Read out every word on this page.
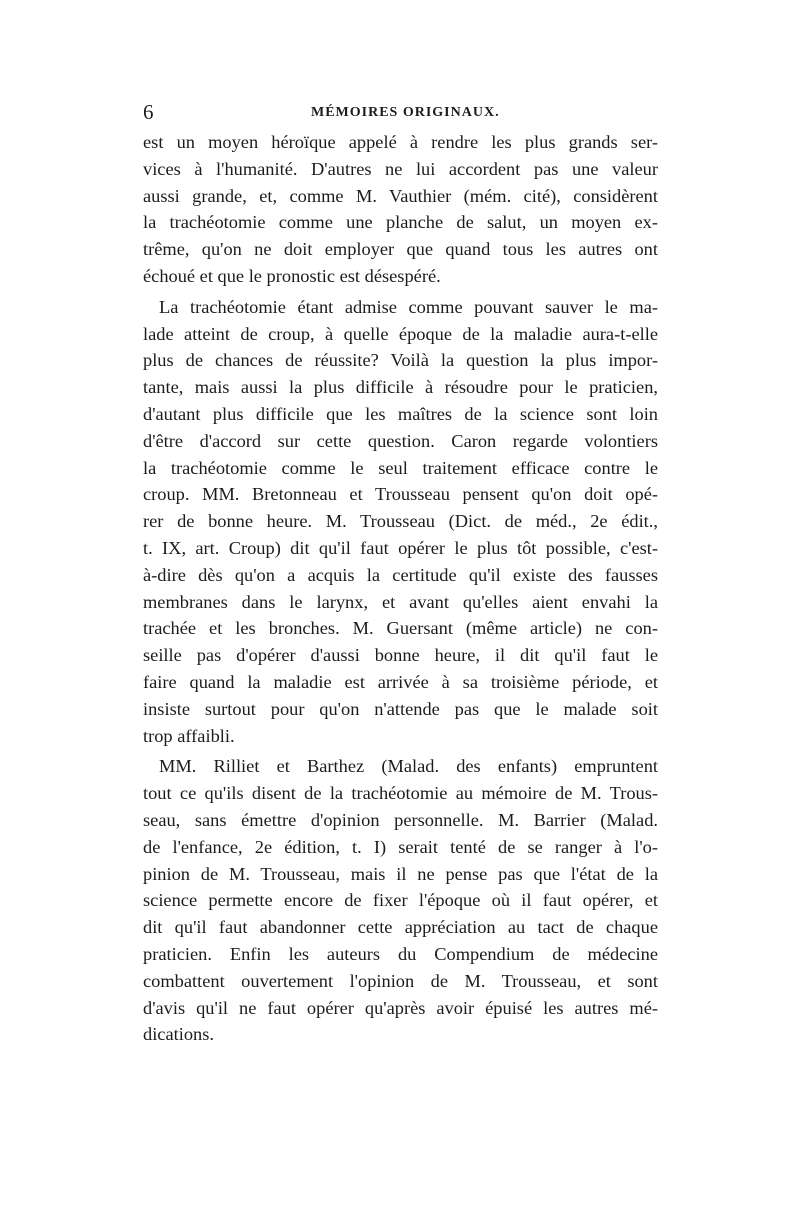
6	MÉMOIRES ORIGINAUX.

est un moyen héroïque appelé à rendre les plus grands ser-
vices à l'humanité. D'autres ne lui accordent pas une valeur
aussi grande, et, comme M. Vauthier (mém. cité), considèrent
la trachéotomie comme une planche de salut, un moyen ex-
trême, qu'on ne doit employer que quand tous les autres ont
échoué et que le pronostic est désespéré.

La trachéotomie étant admise comme pouvant sauver le ma-
lade atteint de croup, à quelle époque de la maladie aura-t-elle
plus de chances de réussite? Voilà la question la plus impor-
tante, mais aussi la plus difficile à résoudre pour le praticien,
d'autant plus difficile que les maîtres de la science sont loin
d'être d'accord sur cette question. Caron regarde volontiers
la trachéotomie comme le seul traitement efficace contre le
croup. MM. Bretonneau et Trousseau pensent qu'on doit opé-
rer de bonne heure. M. Trousseau (Dict. de méd., 2e édit.,
t. IX, art. Croup) dit qu'il faut opérer le plus tôt possible, c'est-
à-dire dès qu'on a acquis la certitude qu'il existe des fausses
membranes dans le larynx, et avant qu'elles aient envahi la
trachée et les bronches. M. Guersant (même article) ne con-
seille pas d'opérer d'aussi bonne heure, il dit qu'il faut le
faire quand la maladie est arrivée à sa troisième période, et
insiste surtout pour qu'on n'attende pas que le malade soit
trop affaibli.

MM. Rilliet et Barthez (Malad. des enfants) empruntent
tout ce qu'ils disent de la trachéotomie au mémoire de M. Trous-
seau, sans émettre d'opinion personnelle. M. Barrier (Malad.
de l'enfance, 2e édition, t. I) serait tenté de se ranger à l'o-
pinion de M. Trousseau, mais il ne pense pas que l'état de la
science permette encore de fixer l'époque où il faut opérer, et
dit qu'il faut abandonner cette appréciation au tact de chaque
praticien. Enfin les auteurs du Compendium de médecine
combattent ouvertement l'opinion de M. Trousseau, et sont
d'avis qu'il ne faut opérer qu'après avoir épuisé les autres mé-
dications.
